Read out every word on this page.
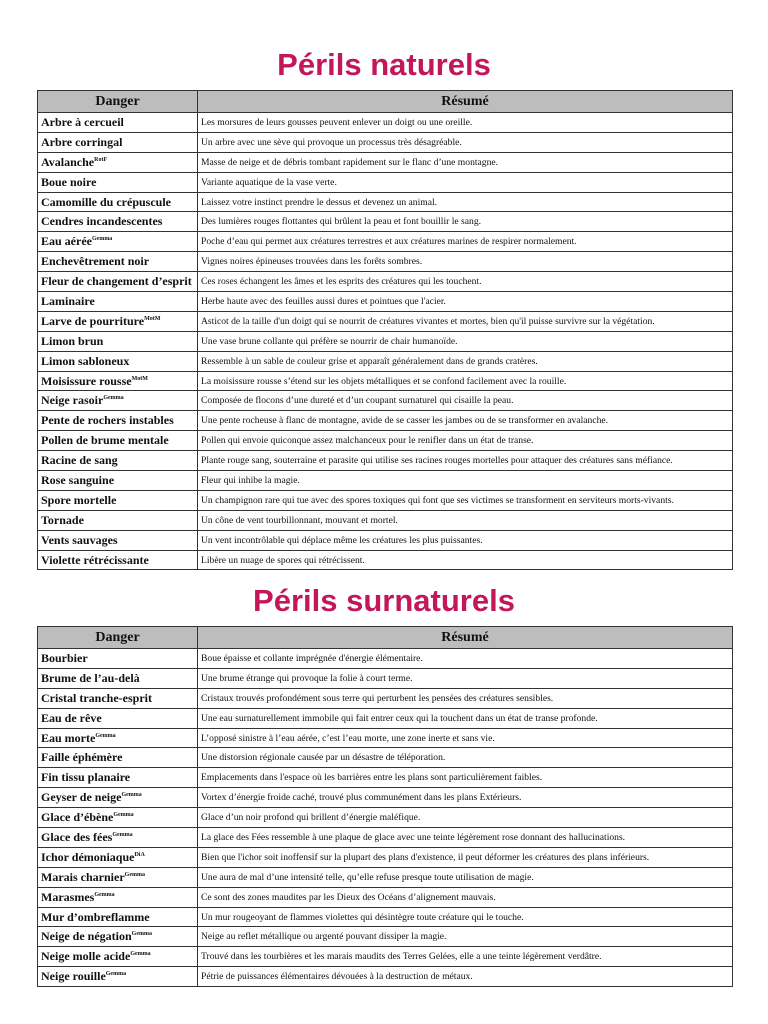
Périls naturels
Danger	Résumé
Arbre à cercueil	Les morsures de leurs gousses peuvent enlever un doigt ou une oreille.
Arbre corringal	Un arbre avec une sève qui provoque un processus très désagréable.
Avalanche$^{RotF}$	Masse de neige et de débris tombant rapidement sur le flanc d’une montagne.
Boue noire	Variante aquatique de la vase verte.
Camomille du crépuscule	Laissez votre instinct prendre le dessus et devenez un animal.
Cendres incandescentes	Des lumières rouges flottantes qui brûlent la peau et font bouillir le sang.
Eau aérée$^{Gemma}$	Poche d’eau qui permet aux créatures terrestres et aux créatures marines de respirer normalement.
Enchevêtrement noir	Vignes noires épineuses trouvées dans les forêts sombres.
Fleur de changement d’esprit	Ces roses échangent les âmes et les esprits des créatures qui les touchent.
Laminaire	Herbe haute avec des feuilles aussi dures et pointues que l'acier.
Larve de pourriture$^{MotM}$	Asticot de la taille d'un doigt qui se nourrit de créatures vivantes et mortes, bien qu'il puisse survivre sur la végétation.
Limon brun	Une vase brune collante qui préfère se nourrir de chair humanoïde.
Limon sabloneux	Ressemble à un sable de couleur grise et apparaît généralement dans de grands cratères.
Moisissure rousse$^{MotM}$	La moisissure rousse s’étend sur les objets métalliques et se confond facilement avec la rouille.
Neige rasoir$^{Gemma}$	Composée de flocons d’une dureté et d’un coupant surnaturel qui cisaille la peau.
Pente de rochers instables	Une pente rocheuse à flanc de montagne, avide de se casser les jambes ou de se transformer en avalanche.
Pollen de brume mentale	Pollen qui envoie quiconque assez malchanceux pour le renifler dans un état de transe.
Racine de sang	Plante rouge sang, souterraine et parasite qui utilise ses racines rouges mortelles pour attaquer des créatures sans méfiance.
Rose sanguine	Fleur qui inhibe la magie.
Spore mortelle	Un champignon rare qui tue avec des spores toxiques qui font que ses victimes se transforment en serviteurs morts-vivants.
Tornade	Un cône de vent tourbillonnant, mouvant et mortel.
Vents sauvages	Un vent incontrôlable qui déplace même les créatures les plus puissantes.
Violette rétrécissante	Libère un nuage de spores qui rétrécissent.
Périls surnaturels
Danger	Résumé
Bourbier	Boue épaisse et collante imprégnée d'énergie élémentaire.
Brume de l’au-delà	Une brume étrange qui provoque la folie à court terme.
Cristal tranche-esprit	Cristaux trouvés profondément sous terre qui perturbent les pensées des créatures sensibles.
Eau de rêve	Une eau surnaturellement immobile qui fait entrer ceux qui la touchent dans un état de transe profonde.
Eau morte$^{Gemma}$	L’opposé sinistre à l’eau aérée, c’est l’eau morte, une zone inerte et sans vie.
Faille éphémère	Une distorsion régionale causée par un désastre de téléporation.
Fin tissu planaire	Emplacements dans l'espace où les barrières entre les plans sont particulièrement faibles.
Geyser de neige$^{Gemma}$	Vortex d’énergie froide caché, trouvé plus communément dans les plans Extérieurs.
Glace d’ébène$^{Gemma}$	Glace d’un noir profond qui brillent d’énergie maléfique.
Glace des fées$^{Gemma}$	La glace des Fées ressemble à une plaque de glace avec une teinte légèrement rose donnant des hallucinations.
Ichor démoniaque$^{DiA}$	Bien que l'ichor soit inoffensif sur la plupart des plans d'existence, il peut déformer les créatures des plans inférieurs.
Marais charnier$^{Gemma}$	Une aura de mal d’une intensité telle, qu’elle refuse presque toute utilisation de magie.
Marasmes$^{Gemma}$	Ce sont des zones maudites par les Dieux des Océans d’alignement mauvais.
Mur d’ombreflamme	Un mur rougeoyant de flammes violettes qui désintègre toute créature qui le touche.
Neige de négation$^{Gemma}$	Neige au reflet métallique ou argenté pouvant dissiper la magie.
Neige molle acide$^{Gemma}$	Trouvé dans les tourbières et les marais maudits des Terres Gelées, elle a une teinte légèrement verdâtre.
Neige rouille$^{Gemma}$	Pétrie de puissances élémentaires dévouées à la destruction de métaux.
